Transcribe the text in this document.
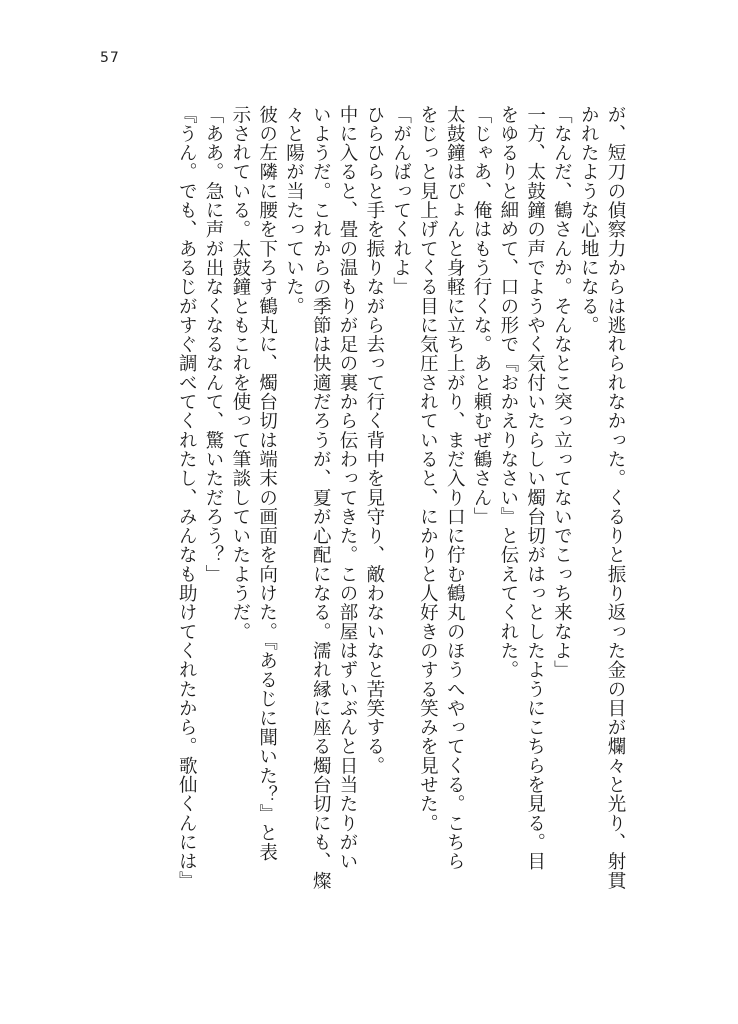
57
が、短刀の偵察力からは逃れられなかった。くるりと振り返った金の目が爛々と光り、射貫
かれたような心地になる。
「なんだ、鶴さんか。そんなとこ突っ立ってないでこっち来なよ」
一方、太鼓鐘の声でようやく気付いたらしい燭台切がはっとしたようにこちらを見る。目
をゆるりと細めて、口の形で『おかえりなさい』と伝えてくれた。
「じゃあ、俺はもう行くな。あと頼むぜ鶴さん」
太鼓鐘はぴょんと身軽に立ち上がり、まだ入り口に佇む鶴丸のほうへやってくる。こちら
をじっと見上げてくる目に気圧されていると、にかりと人好きのする笑みを見せた。
「がんばってくれよ」
ひらひらと手を振りながら去って行く背中を見守り、敵わないなと苦笑する。
中に入ると、畳の温もりが足の裏から伝わってきた。この部屋はずいぶんと日当たりがい
いようだ。これからの季節は快適だろうが、夏が心配になる。濡れ縁に座る燭台切にも、燦
々と陽が当たっていた。
彼の左隣に腰を下ろす鶴丸に、燭台切は端末の画面を向けた。『あるじに聞いた？』と表
示されている。太鼓鐘ともこれを使って筆談していたようだ。
「ああ。急に声が出なくなるなんて、驚いただろう？」
『うん。でも、あるじがすぐ調べてくれたし、みんなも助けてくれたから。歌仙くんには』
